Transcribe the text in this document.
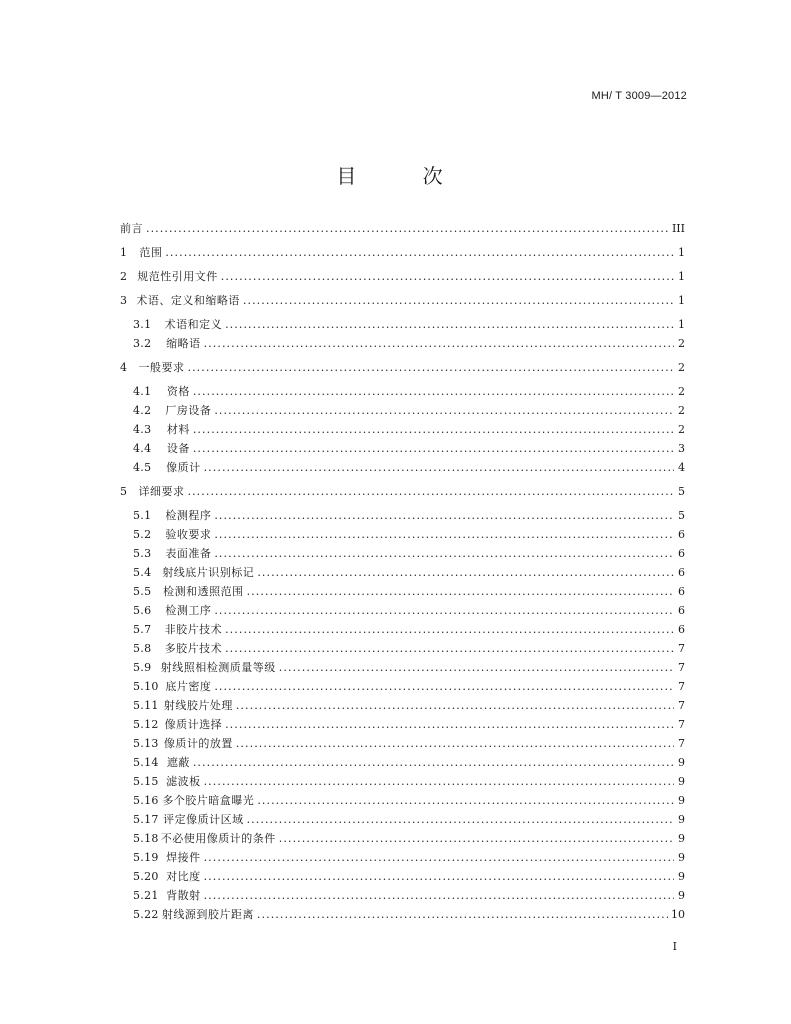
MH/ T 3009—2012
目 次
前言 . . .	III
1	范围 . . .	1
2 规范性引用文件 . . .	1
3 术语、定义和缩略语 . . .	1
3.1	术语和定义 . . .	1
3.2	缩略语 . . .	2
4	一般要求 . . .	2
4.1	资格 . . .	2
4.2	厂房设备 . . .	2
4.3	材料 . . .	2
4.4	设备 . . .	3
4.5	像质计 . . .	4
5	详细要求 . . .	5
5.1	检测程序 . . .	5
5.2	验收要求 . . .	6
5.3	表面准备 . . .	6
5.4 射线底片识别标记 . . .	6
5.5	检测和透照范围 . . .	6
5.6	检测工序 . . .	6
5.7	非胶片技术 . . .	6
5.8	多胶片技术 . . .	7
5.9 射线照相检测质量等级 . . .	7
5.10 底片密度 . . .	7
5.11 射线胶片处理 . . .	7
5.12 像质计选择 . . .	7
5.13 像质计的放置 . . .	7
5.14 遮蔽 . . .	9
5.15 滤波板 . . .	9
5.16 多个胶片暗盒曝光 . . .	9
5.17 评定像质计区域 . . .	9
5.18 不必使用像质计的条件 . . .	9
5.19 焊接件 . . .	9
5.20 对比度 . . .	9
5.21 背散射 . . .	9
5.22 射线源到胶片距离 . . .	10
I
